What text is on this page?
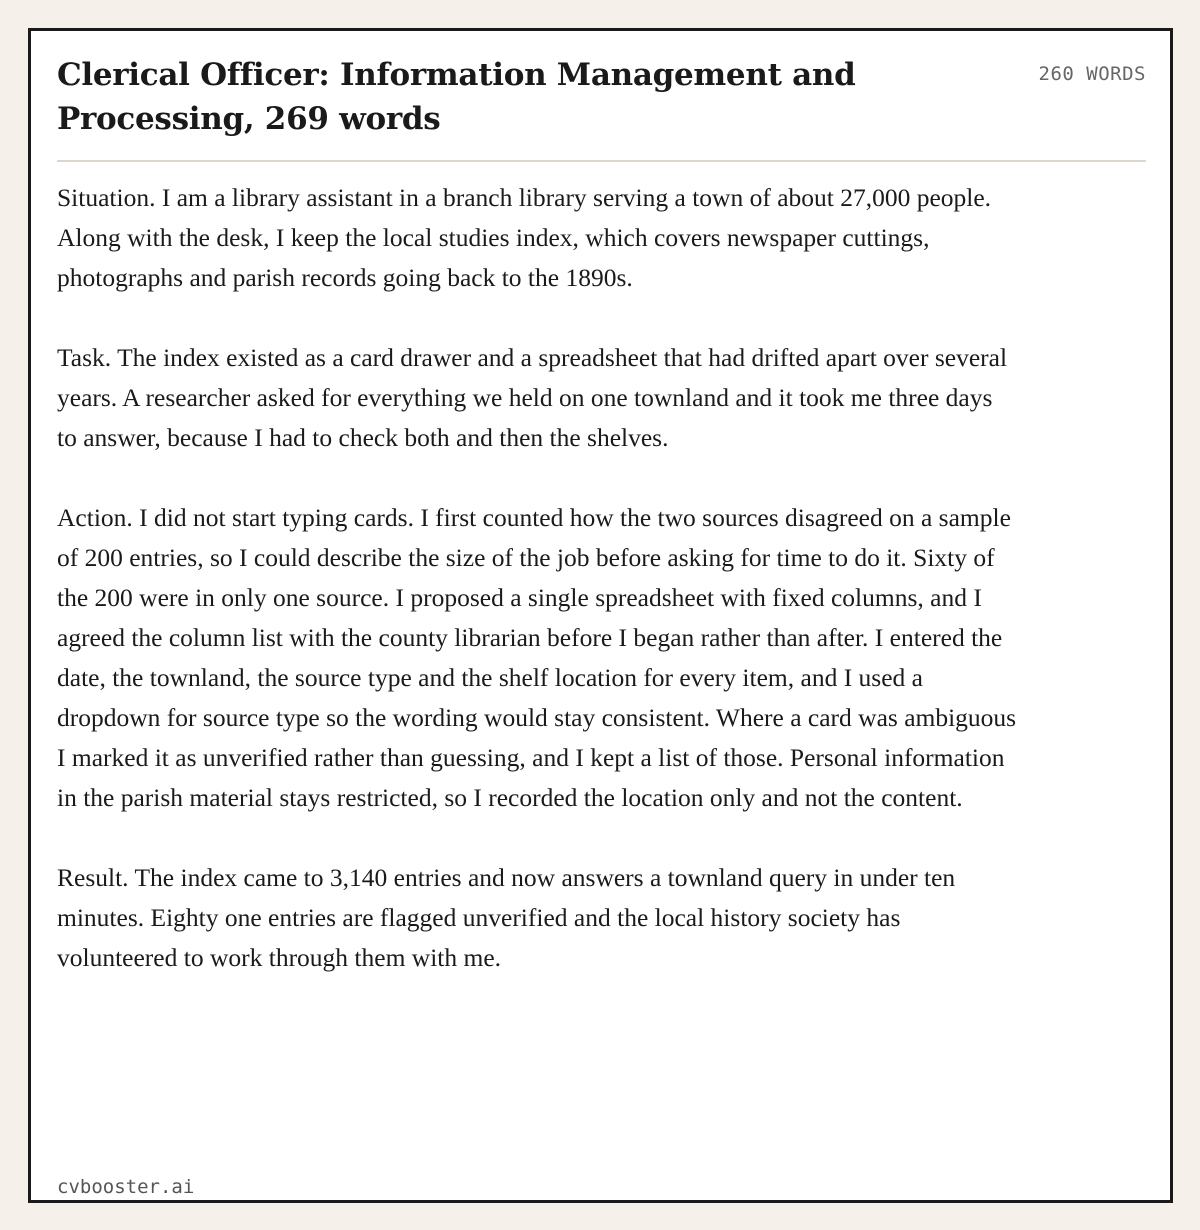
Clerical Officer: Information Management and Processing, 269 words
260 WORDS

Situation. I am a library assistant in a branch library serving a town of about 27,000 people. Along with the desk, I keep the local studies index, which covers newspaper cuttings, photographs and parish records going back to the 1890s.

Task. The index existed as a card drawer and a spreadsheet that had drifted apart over several years. A researcher asked for everything we held on one townland and it took me three days to answer, because I had to check both and then the shelves.

Action. I did not start typing cards. I first counted how the two sources disagreed on a sample of 200 entries, so I could describe the size of the job before asking for time to do it. Sixty of the 200 were in only one source. I proposed a single spreadsheet with fixed columns, and I agreed the column list with the county librarian before I began rather than after. I entered the date, the townland, the source type and the shelf location for every item, and I used a dropdown for source type so the wording would stay consistent. Where a card was ambiguous I marked it as unverified rather than guessing, and I kept a list of those. Personal information in the parish material stays restricted, so I recorded the location only and not the content.

Result. The index came to 3,140 entries and now answers a townland query in under ten minutes. Eighty one entries are flagged unverified and the local history society has volunteered to work through them with me.

cvbooster.ai
